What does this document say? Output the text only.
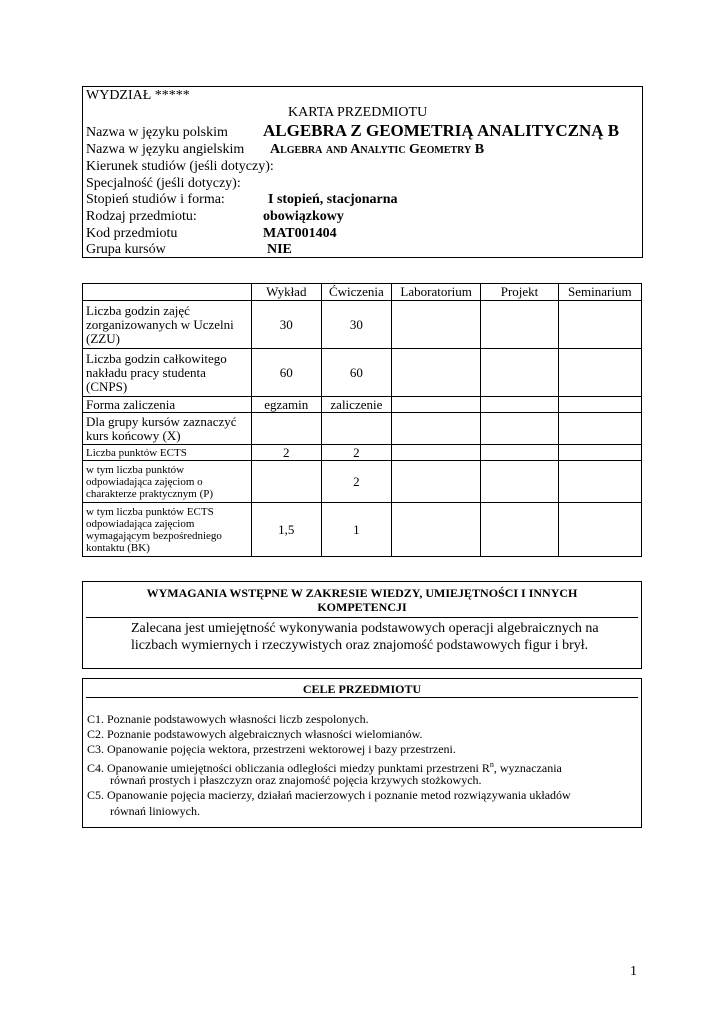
WYDZIAŁ *****
KARTA PRZEDMIOTU
Nazwa w języku polskim ALGEBRA Z GEOMETRIĄ ANALITYCZNĄ B
Nazwa w języku angielskim Algebra and Analytic Geometry B
Kierunek studiów (jeśli dotyczy):
Specjalność (jeśli dotyczy):
Stopień studiów i forma:	I stopień, stacjonarna
Rodzaj przedmiotu:	obowiązkowy
Kod przedmiotu	MAT001404
Grupa kursów	NIE
	Wykład	Ćwiczenia	Laboratorium	Projekt	Seminarium
Liczba godzin zajęć zorganizowanych w Uczelni (ZZU)	30	30			
Liczba godzin całkowitego nakładu pracy studenta (CNPS)	60	60			
Forma zaliczenia	egzamin	zaliczenie			
Dla grupy kursów zaznaczyć kurs końcowy (X)					
Liczba punktów ECTS	2	2			
w tym liczba punktów odpowiadająca zajęciom o charakterze praktycznym (P)		2			
w tym liczba punktów ECTS odpowiadająca zajęciom wymagającym bezpośredniego kontaktu (BK)	1,5	1			
WYMAGANIA WSTĘPNE W ZAKRESIE WIEDZY, UMIEJĘTNOŚCI I INNYCH KOMPETENCJI
Zalecana jest umiejętność wykonywania podstawowych operacji algebraicznych na
liczbach wymiernych i rzeczywistych oraz znajomość podstawowych figur i brył.
CELE PRZEDMIOTU
C1. Poznanie podstawowych własności liczb zespolonych.
C2. Poznanie podstawowych algebraicznych własności wielomianów.
C3. Opanowanie pojęcia wektora, przestrzeni wektorowej i bazy przestrzeni.
C4. Opanowanie umiejętności obliczania odległości miedzy punktami przestrzeni $R^n$, wyznaczania
równań prostych i płaszczyzn oraz znajomość pojęcia krzywych stożkowych.
C5. Opanowanie pojęcia macierzy, działań macierzowych i poznanie metod rozwiązywania układów
równań liniowych.
1
